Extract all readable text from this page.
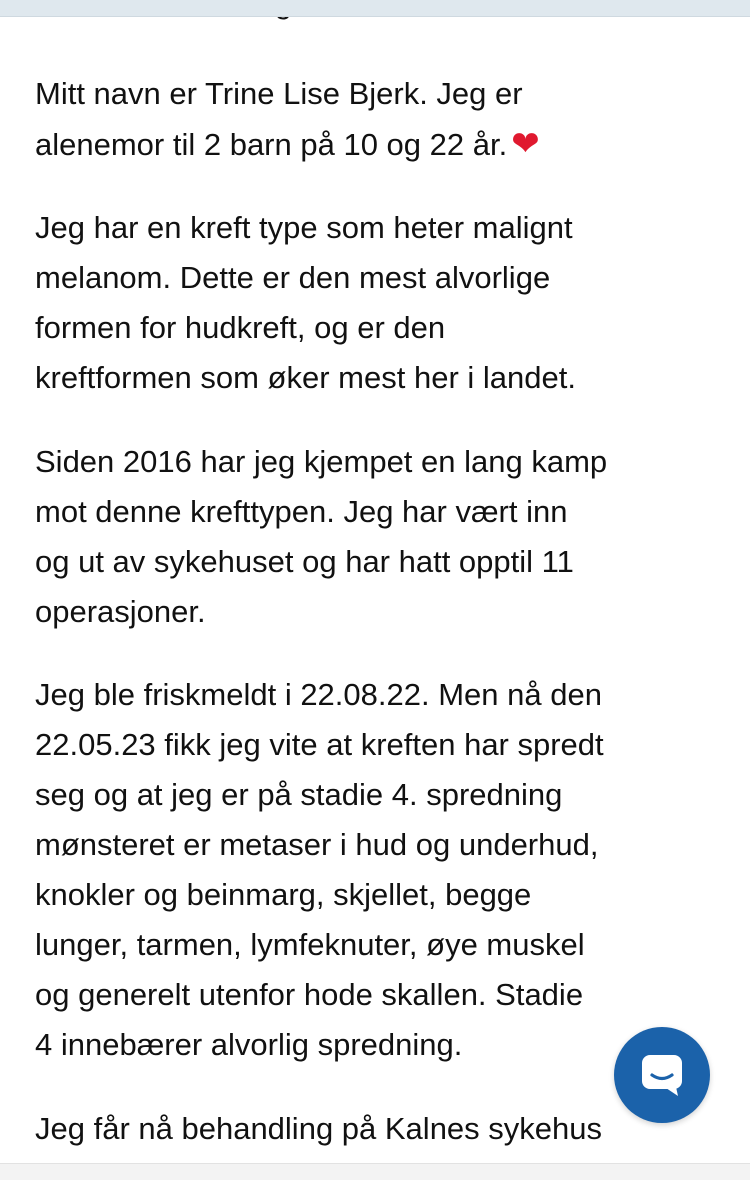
Mitt navn er Trine Lise Bjerk. Jeg er
alenemor til 2 barn på 10 og 22 år. ❤

Jeg har en kreft type som heter malignt
melanom. Dette er den mest alvorlige
formen for hudkreft, og er den
kreftformen som øker mest her i landet.

Siden 2016 har jeg kjempet en lang kamp
mot denne krefttypen. Jeg har vært inn
og ut av sykehuset og har hatt opptil 11
operasjoner.

Jeg ble friskmeldt i 22.08.22. Men nå den
22.05.23 fikk jeg vite at kreften har spredt
seg og at jeg er på stadie 4. spredning
mønsteret er metaser i hud og underhud,
knokler og beinmarg, skjellet, begge
lunger, tarmen, lymfeknuter, øye muskel
og generelt utenfor hode skallen. Stadie
4 innebærer alvorlig spredning.

Jeg får nå behandling på Kalnes sykehus
